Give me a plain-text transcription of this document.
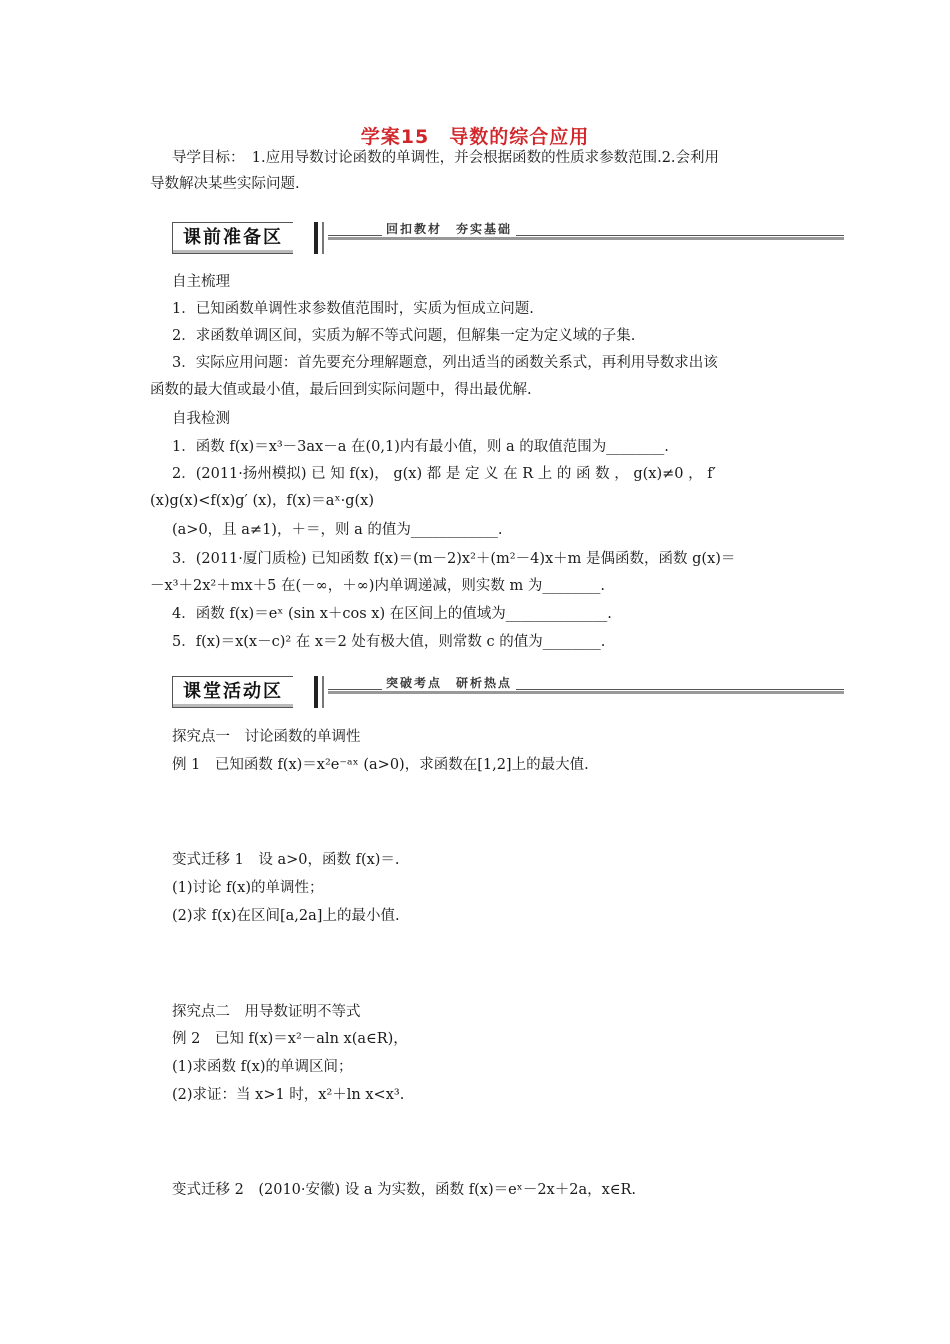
学案15　导数的综合应用
导学目标：　1.应用导数讨论函数的单调性，并会根据函数的性质求参数范围.2.会利用
导数解决某些实际问题.
课前准备区	回扣教材　夯实基础
自主梳理
1．已知函数单调性求参数值范围时，实质为恒成立问题.
2．求函数单调区间，实质为解不等式问题，但解集一定为定义域的子集.
3．实际应用问题：首先要充分理解题意，列出适当的函数关系式，再利用导数求出该
函数的最大值或最小值，最后回到实际问题中，得出最优解.
自我检测
1．函数 f(x)＝x³－3ax－a 在(0,1)内有最小值，则 a 的取值范围为________.
2．(2011·扬州模拟) 已 知 f(x)， g(x) 都 是 定 义 在 R 上 的 函 数 ， g(x)≠0 ， f′
(x)g(x)<f(x)g′ (x)，f(x)＝aˣ·g(x)
(a>0，且 a≠1)，＋＝，则 a 的值为____________.
3．(2011·厦门质检) 已知函数 f(x)＝(m－2)x²＋(m²－4)x＋m 是偶函数，函数 g(x)＝
－x³＋2x²＋mx＋5 在(－∞，＋∞)内单调递减，则实数 m 为________.
4．函数 f(x)＝eˣ (sin x＋cos x) 在区间上的值域为______________.
5．f(x)＝x(x－c)² 在 x＝2 处有极大值，则常数 c 的值为________.
课堂活动区	突破考点　研析热点
探究点一　讨论函数的单调性
例 1　已知函数 f(x)＝x²e⁻ᵃˣ (a>0)，求函数在[1,2]上的最大值.
变式迁移 1　设 a>0，函数 f(x)＝.
(1)讨论 f(x)的单调性；
(2)求 f(x)在区间[a,2a]上的最小值.
探究点二　用导数证明不等式
例 2　已知 f(x)＝x²－aln x(a∈R)，
(1)求函数 f(x)的单调区间；
(2)求证：当 x>1 时，x²＋ln x<x³.
变式迁移 2　(2010·安徽) 设 a 为实数，函数 f(x)＝eˣ－2x＋2a，x∈R.
